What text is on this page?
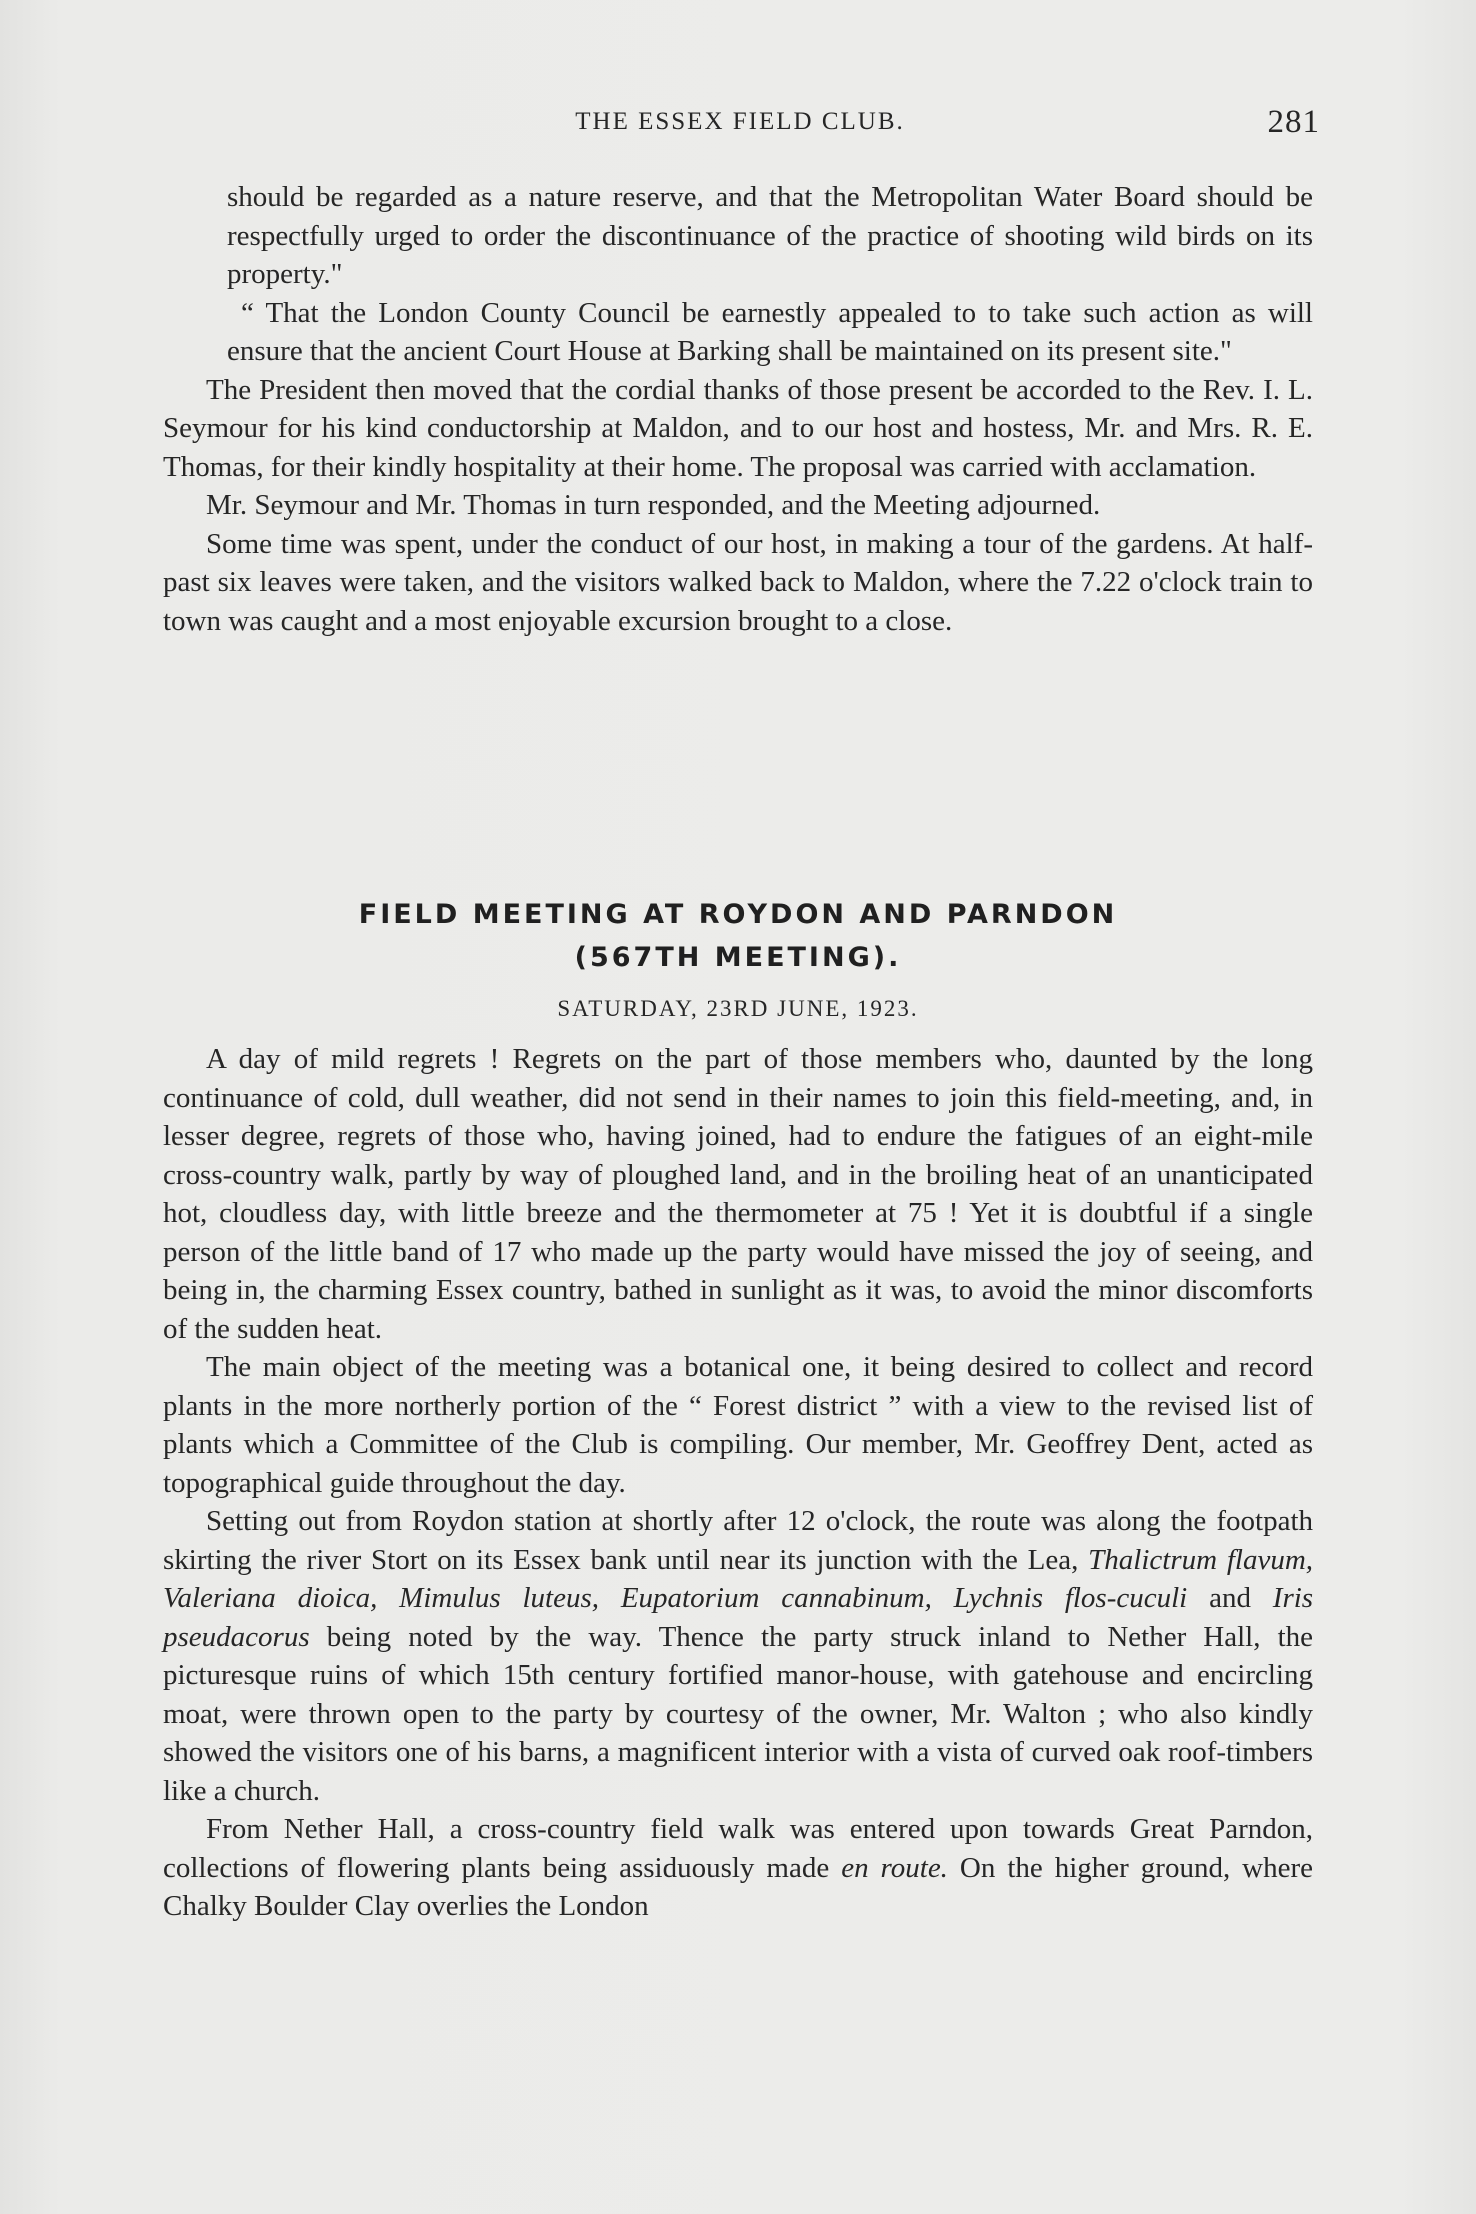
THE ESSEX FIELD CLUB.	281

should be regarded as a nature reserve, and that the Metropolitan Water Board should be respectfully urged to order the discontinuance of the practice of shooting wild birds on its property."

“ That the London County Council be earnestly appealed to to take such action as will ensure that the ancient Court House at Barking shall be maintained on its present site."

The President then moved that the cordial thanks of those present be accorded to the Rev. I. L. Seymour for his kind conductorship at Maldon, and to our host and hostess, Mr. and Mrs. R. E. Thomas, for their kindly hospitality at their home. The proposal was carried with acclamation.

Mr. Seymour and Mr. Thomas in turn responded, and the Meeting adjourned.

Some time was spent, under the conduct of our host, in making a tour of the gardens. At half-past six leaves were taken, and the visitors walked back to Maldon, where the 7.22 o'clock train to town was caught and a most enjoyable excursion brought to a close.

FIELD MEETING AT ROYDON AND PARNDON
(567TH MEETING).
SATURDAY, 23RD JUNE, 1923.

A day of mild regrets ! Regrets on the part of those members who, daunted by the long continuance of cold, dull weather, did not send in their names to join this field-meeting, and, in lesser degree, regrets of those who, having joined, had to endure the fatigues of an eight-mile cross-country walk, partly by way of ploughed land, and in the broiling heat of an unanticipated hot, cloudless day, with little breeze and the thermometer at 75 ! Yet it is doubtful if a single person of the little band of 17 who made up the party would have missed the joy of seeing, and being in, the charming Essex country, bathed in sunlight as it was, to avoid the minor discomforts of the sudden heat.

The main object of the meeting was a botanical one, it being desired to collect and record plants in the more northerly portion of the “ Forest district ” with a view to the revised list of plants which a Committee of the Club is compiling. Our member, Mr. Geoffrey Dent, acted as topographical guide throughout the day.

Setting out from Roydon station at shortly after 12 o'clock, the route was along the footpath skirting the river Stort on its Essex bank until near its junction with the Lea, Thalictrum flavum, Valeriana dioica, Mimulus luteus, Eupatorium cannabinum, Lychnis flos-cuculi and Iris pseudacorus being noted by the way. Thence the party struck inland to Nether Hall, the picturesque ruins of which 15th century fortified manor-house, with gatehouse and encircling moat, were thrown open to the party by courtesy of the owner, Mr. Walton ; who also kindly showed the visitors one of his barns, a magnificent interior with a vista of curved oak roof-timbers like a church.

From Nether Hall, a cross-country field walk was entered upon towards Great Parndon, collections of flowering plants being assiduously made en route. On the higher ground, where Chalky Boulder Clay overlies the London
